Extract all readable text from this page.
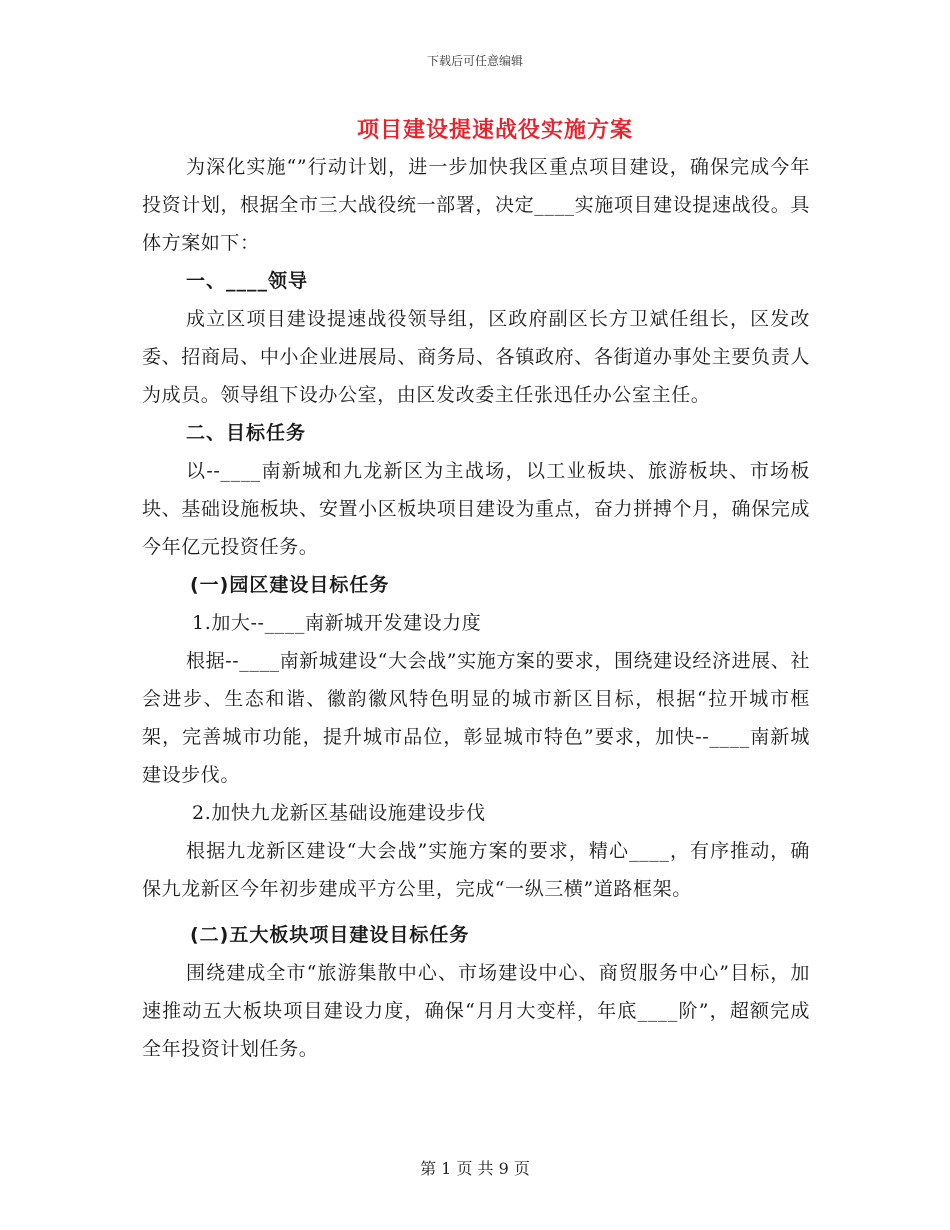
下载后可任意编辑
项目建设提速战役实施方案

为深化实施“”行动计划，进一步加快我区重点项目建设，确保完成今年投资计划，根据全市三大战役统一部署，决定____实施项目建设提速战役。具体方案如下：

一、____领导

成立区项目建设提速战役领导组，区政府副区长方卫斌任组长，区发改委、招商局、中小企业进展局、商务局、各镇政府、各街道办事处主要负责人为成员。领导组下设办公室，由区发改委主任张迅任办公室主任。

二、目标任务

以--____南新城和九龙新区为主战场，以工业板块、旅游板块、市场板块、基础设施板块、安置小区板块项目建设为重点，奋力拼搏个月，确保完成今年亿元投资任务。

(一)园区建设目标任务

1.加大--____南新城开发建设力度

根据--____南新城建设“大会战”实施方案的要求，围绕建设经济进展、社会进步、生态和谐、徽韵徽风特色明显的城市新区目标，根据“拉开城市框架，完善城市功能，提升城市品位，彰显城市特色”要求，加快--____南新城建设步伐。

2.加快九龙新区基础设施建设步伐

根据九龙新区建设“大会战”实施方案的要求，精心____，有序推动，确保九龙新区今年初步建成平方公里，完成“一纵三横”道路框架。

(二)五大板块项目建设目标任务

围绕建成全市“旅游集散中心、市场建设中心、商贸服务中心”目标，加速推动五大板块项目建设力度，确保“月月大变样，年底____阶”，超额完成全年投资计划任务。

第 1 页 共 9 页
